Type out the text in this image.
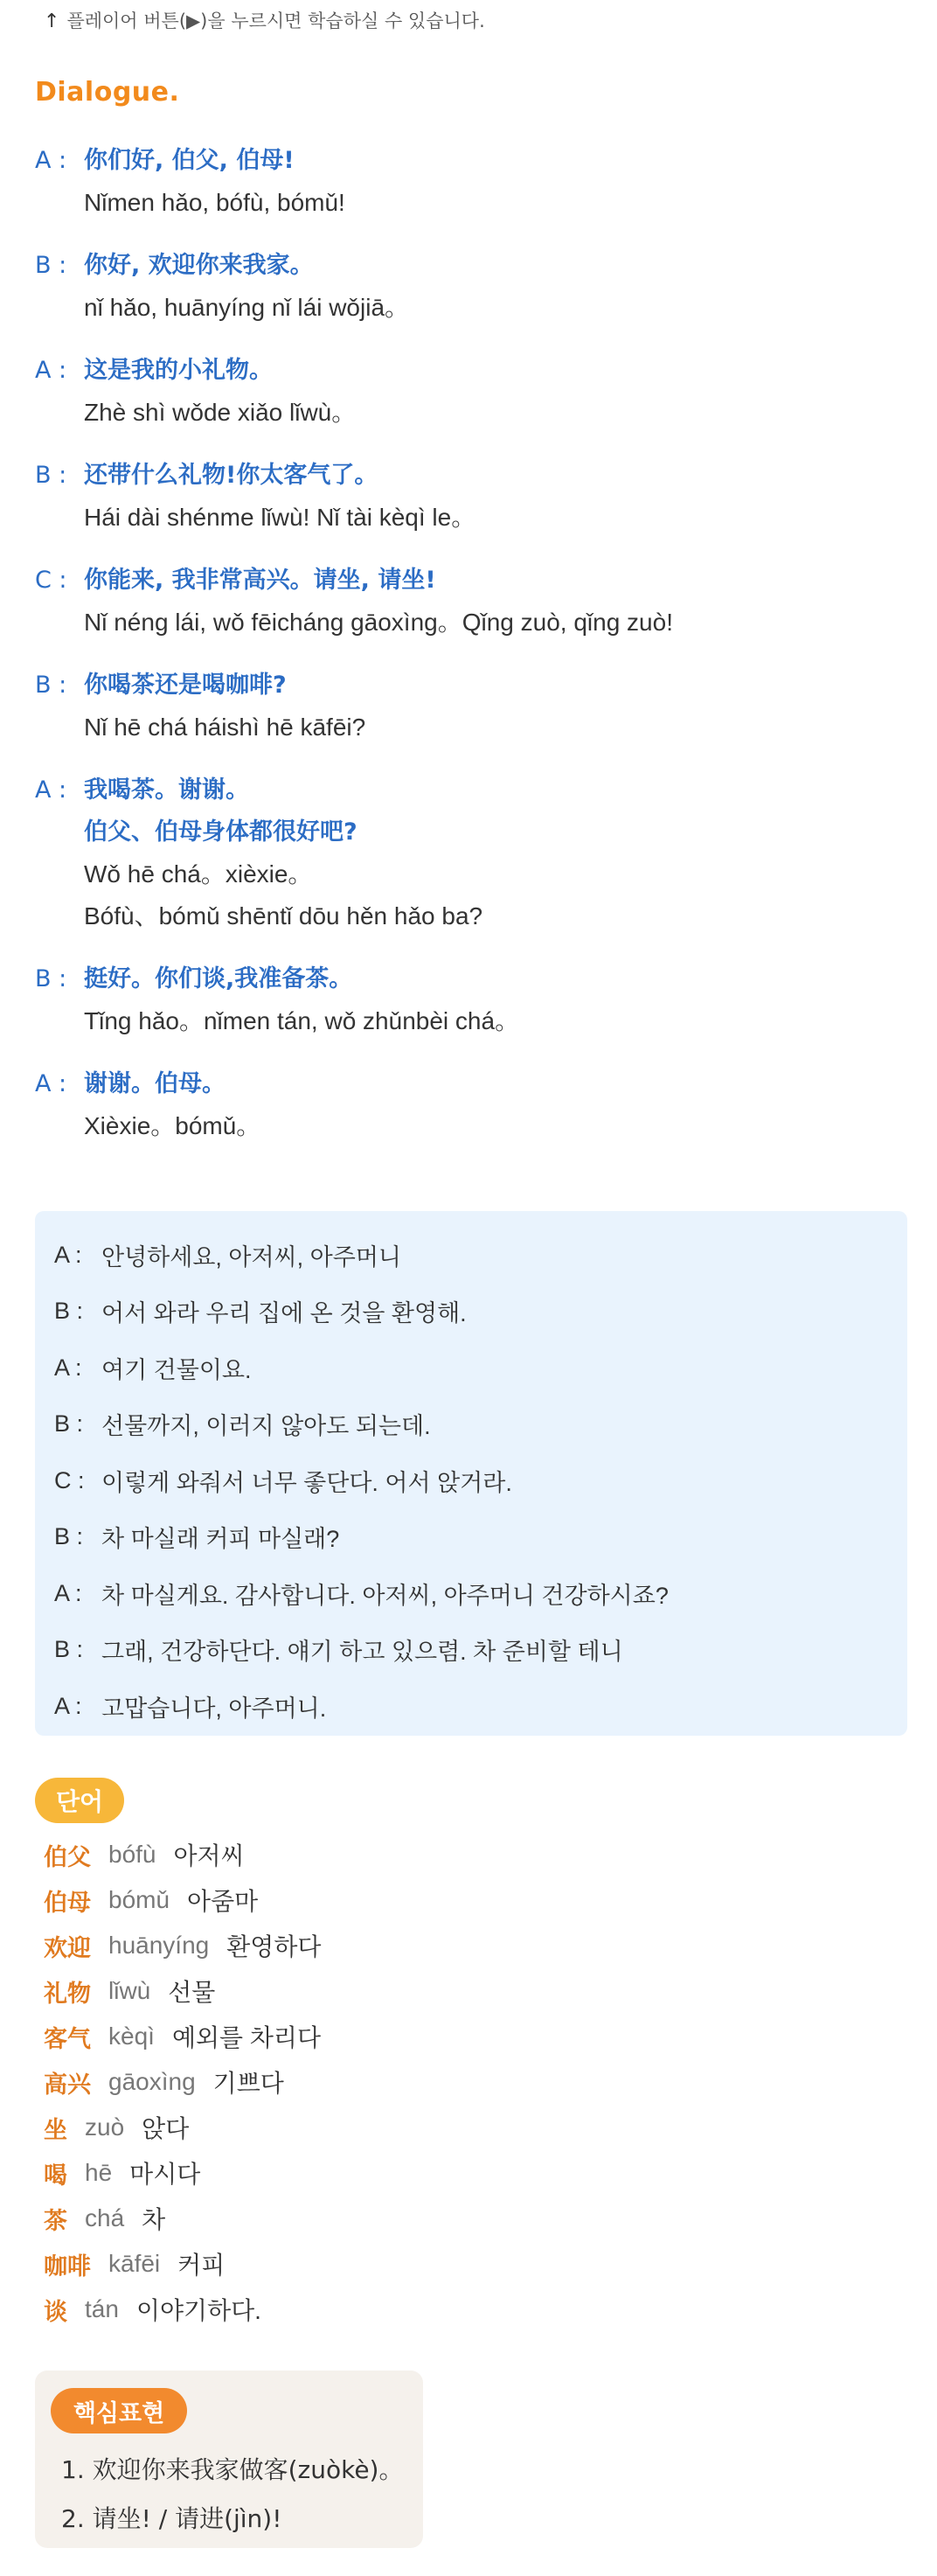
↑ 플레이어 버튼(▶)을 누르시면 학습하실 수 있습니다.
Dialogue.
A : 你们好, 伯父, 伯母!
Nǐmen hǎo, bófù, bómǔ!
B : 你好, 欢迎你来我家。
nǐ hǎo, huānyíng nǐ lái wǒjiā。
A : 这是我的小礼物。
Zhè shì wǒde xiǎo lǐwù。
B : 还带什么礼物!你太客气了。
Hái dài shénme lǐwù! Nǐ tài kèqì le。
C : 你能来, 我非常高兴。请坐, 请坐!
Nǐ néng lái, wǒ fēicháng gāoxìng。Qǐng zuò, qǐng zuò!
B : 你喝茶还是喝咖啡?
Nǐ hē chá háishì hē kāfēi?
A : 我喝茶。谢谢。
伯父、伯母身体都很好吧?
Wǒ hē chá。xièxie。
Bófù、bómǔ shēntǐ dōu hěn hǎo ba?
B : 挺好。你们谈,我准备茶。
Tǐng hǎo。nǐmen tán, wǒ zhǔnbèi chá。
A : 谢谢。伯母。
Xièxie。bómǔ。
A : 안녕하세요, 아저씨, 아주머니
B : 어서 와라 우리 집에 온 것을 환영해.
A : 여기 건물이요.
B : 선물까지, 이러지 않아도 되는데.
C : 이렇게 와줘서 너무 좋단다. 어서 앉거라.
B : 차 마실래 커피 마실래?
A : 차 마실게요. 감사합니다. 아저씨, 아주머니 건강하시죠?
B : 그래, 건강하단다. 얘기 하고 있으렴. 차 준비할 테니
A : 고맙습니다, 아주머니.
단어
伯父 bófù 아저씨
伯母 bómǔ 아줌마
欢迎 huānyíng 환영하다
礼物 lǐwù 선물
客气 kèqì 예외를 차리다
高兴 gāoxìng 기쁘다
坐 zuò 앉다
喝 hē 마시다
茶 chá 차
咖啡 kāfēi 커피
谈 tán 이야기하다.
핵심표현
1. 欢迎你来我家做客(zuòkè)。
2. 请坐! / 请进(jìn)!
